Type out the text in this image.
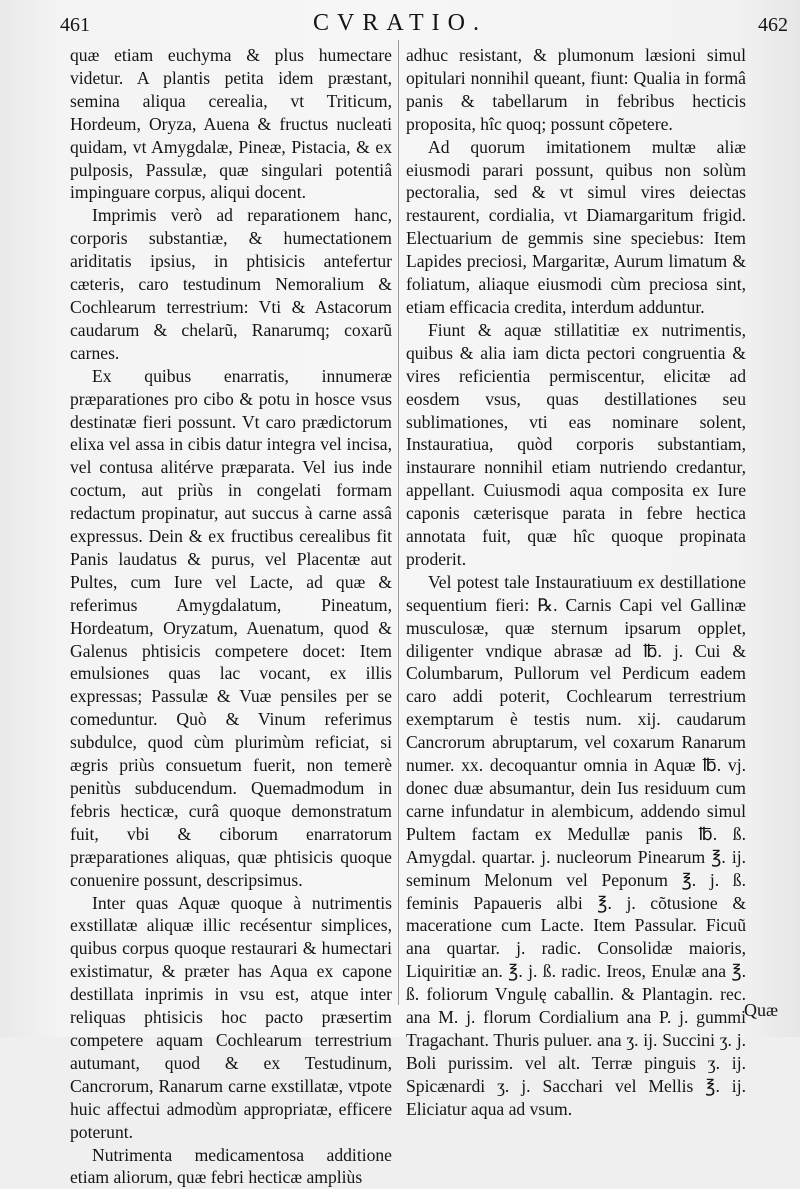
461	CVRATIO.	462

quæ etiam euchyma & plus humectare videtur. A plantis petita idem præstant, semina aliqua cerealia, vt Triticum, Hordeum, Oryza, Auena & fructus nucleati quidam, vt Amygdalæ, Pineæ, Pistacia, & ex pulposis, Passulæ, quæ singulari potentiâ impinguare corpus, aliqui docent.

Imprimis verò ad reparationem hanc, corporis substantiæ, & humectationem ariditatis ipsius, in phtisicis antefertur cæteris, caro testudinum Nemoralium & Cochlearum terrestrium: Vti & Astacorum caudarum & chelarũ, Ranarumq; coxarũ carnes.

Ex quibus enarratis, innumeræ præparationes pro cibo & potu in hosce vsus destinatæ fieri possunt. Vt caro prædictorum elixa vel assa in cibis datur integra vel incisa, vel contusa alitérve præparata. Vel ius inde coctum, aut priùs in congelati formam redactum propinatur, aut succus à carne assâ expressus. Dein & ex fructibus cerealibus fit Panis laudatus & purus, vel Placentæ aut Pultes, cum Iure vel Lacte, ad quæ & referimus Amygdalatum, Pineatum, Hordeatum, Oryzatum, Auenatum, quod & Galenus phtisicis competere docet: Item emulsiones quas lac vocant, ex illis expressas; Passulæ & Vuæ pensiles per se comeduntur. Quò & Vinum referimus subdulce, quod cùm plurimùm reficiat, si ægris priùs consuetum fuerit, non temerè penitùs subducendum. Quemadmodum in febris hecticæ, curâ quoque demonstratum fuit, vbi & ciborum enarratorum præparationes aliquas, quæ phtisicis quoque conuenire possunt, descripsimus.

Inter quas Aquæ quoque à nutrimentis exstillatæ aliquæ illic recésentur simplices, quibus corpus quoque restaurari & humectari existimatur, & præter has Aqua ex capone destillata inprimis in vsu est, atque inter reliquas phtisicis hoc pacto præsertim competere aquam Cochlearum terrestrium autumant, quod & ex Testudinum, Cancrorum, Ranarum carne exstillatæ, vtpote huic affectui admodùm appropriatæ, efficere poterunt.

Nutrimenta medicamentosa additione etiam aliorum, quæ febri hecticæ ampliùs

adhuc resistant, & plumonum læsioni simul opitulari nonnihil queant, fiunt: Qualia in formâ panis & tabellarum in febribus hecticis proposita, hîc quoq; possunt cõpetere.

Ad quorum imitationem multæ aliæ eiusmodi parari possunt, quibus non solùm pectoralia, sed & vt simul vires deiectas restaurent, cordialia, vt Diamargaritum frigid. Electuarium de gemmis sine speciebus: Item Lapides preciosi, Margaritæ, Aurum limatum & foliatum, aliaque eiusmodi cùm preciosa sint, etiam efficacia credita, interdum adduntur.

Fiunt & aquæ stillatitiæ ex nutrimentis, quibus & alia iam dicta pectori congruentia & vires reficientia permiscentur, elicitæ ad eosdem vsus, quas destillationes seu sublimationes, vti eas nominare solent, Instauratiua, quòd corporis substantiam, instaurare nonnihil etiam nutriendo credantur, appellant. Cuiusmodi aqua composita ex Iure caponis cæterisque parata in febre hectica annotata fuit, quæ hîc quoque propinata proderit.

Vel potest tale Instauratiuum ex destillatione sequentium fieri: ℞. Carnis Capi vel Gallinæ musculosæ, quæ sternum ipsarum opplet, diligenter vndique abrasæ ad ℔. j. Cui & Columbarum, Pullorum vel Perdicum eadem caro addi poterit, Cochlearum terrestrium exemptarum è testis num. xij. caudarum Cancrorum abruptarum, vel coxarum Ranarum numer. xx. decoquantur omnia in Aquæ ℔. vj. donec duæ absumantur, dein Ius residuum cum carne infundatur in alembicum, addendo simul Pultem factam ex Medullæ panis ℔. ß. Amygdal. quartar. j. nucleorum Pinearum ℥. ij. seminum Melonum vel Peponum ℥. j. ß. feminis Papaueris albi ℥. j. cõtusione & maceratione cum Lacte. Item Passular. Ficuũ ana quartar. j. radic. Consolidæ maioris, Liquiritiæ an. ℥. j. ß. radic. Ireos, Enulæ ana ℥. ß. foliorum Vngulę caballin. & Plantagin. rec. ana M. j. florum Cordialium ana P. j. gummi Tragachant. Thuris puluer. ana ʒ. ij. Succini ʒ. j. Boli purissim. vel alt. Terræ pinguis ʒ. ij. Spicænardi ʒ. j. Sacchari vel Mellis ℥. ij. Eliciatur aqua ad vsum.

Quæ
